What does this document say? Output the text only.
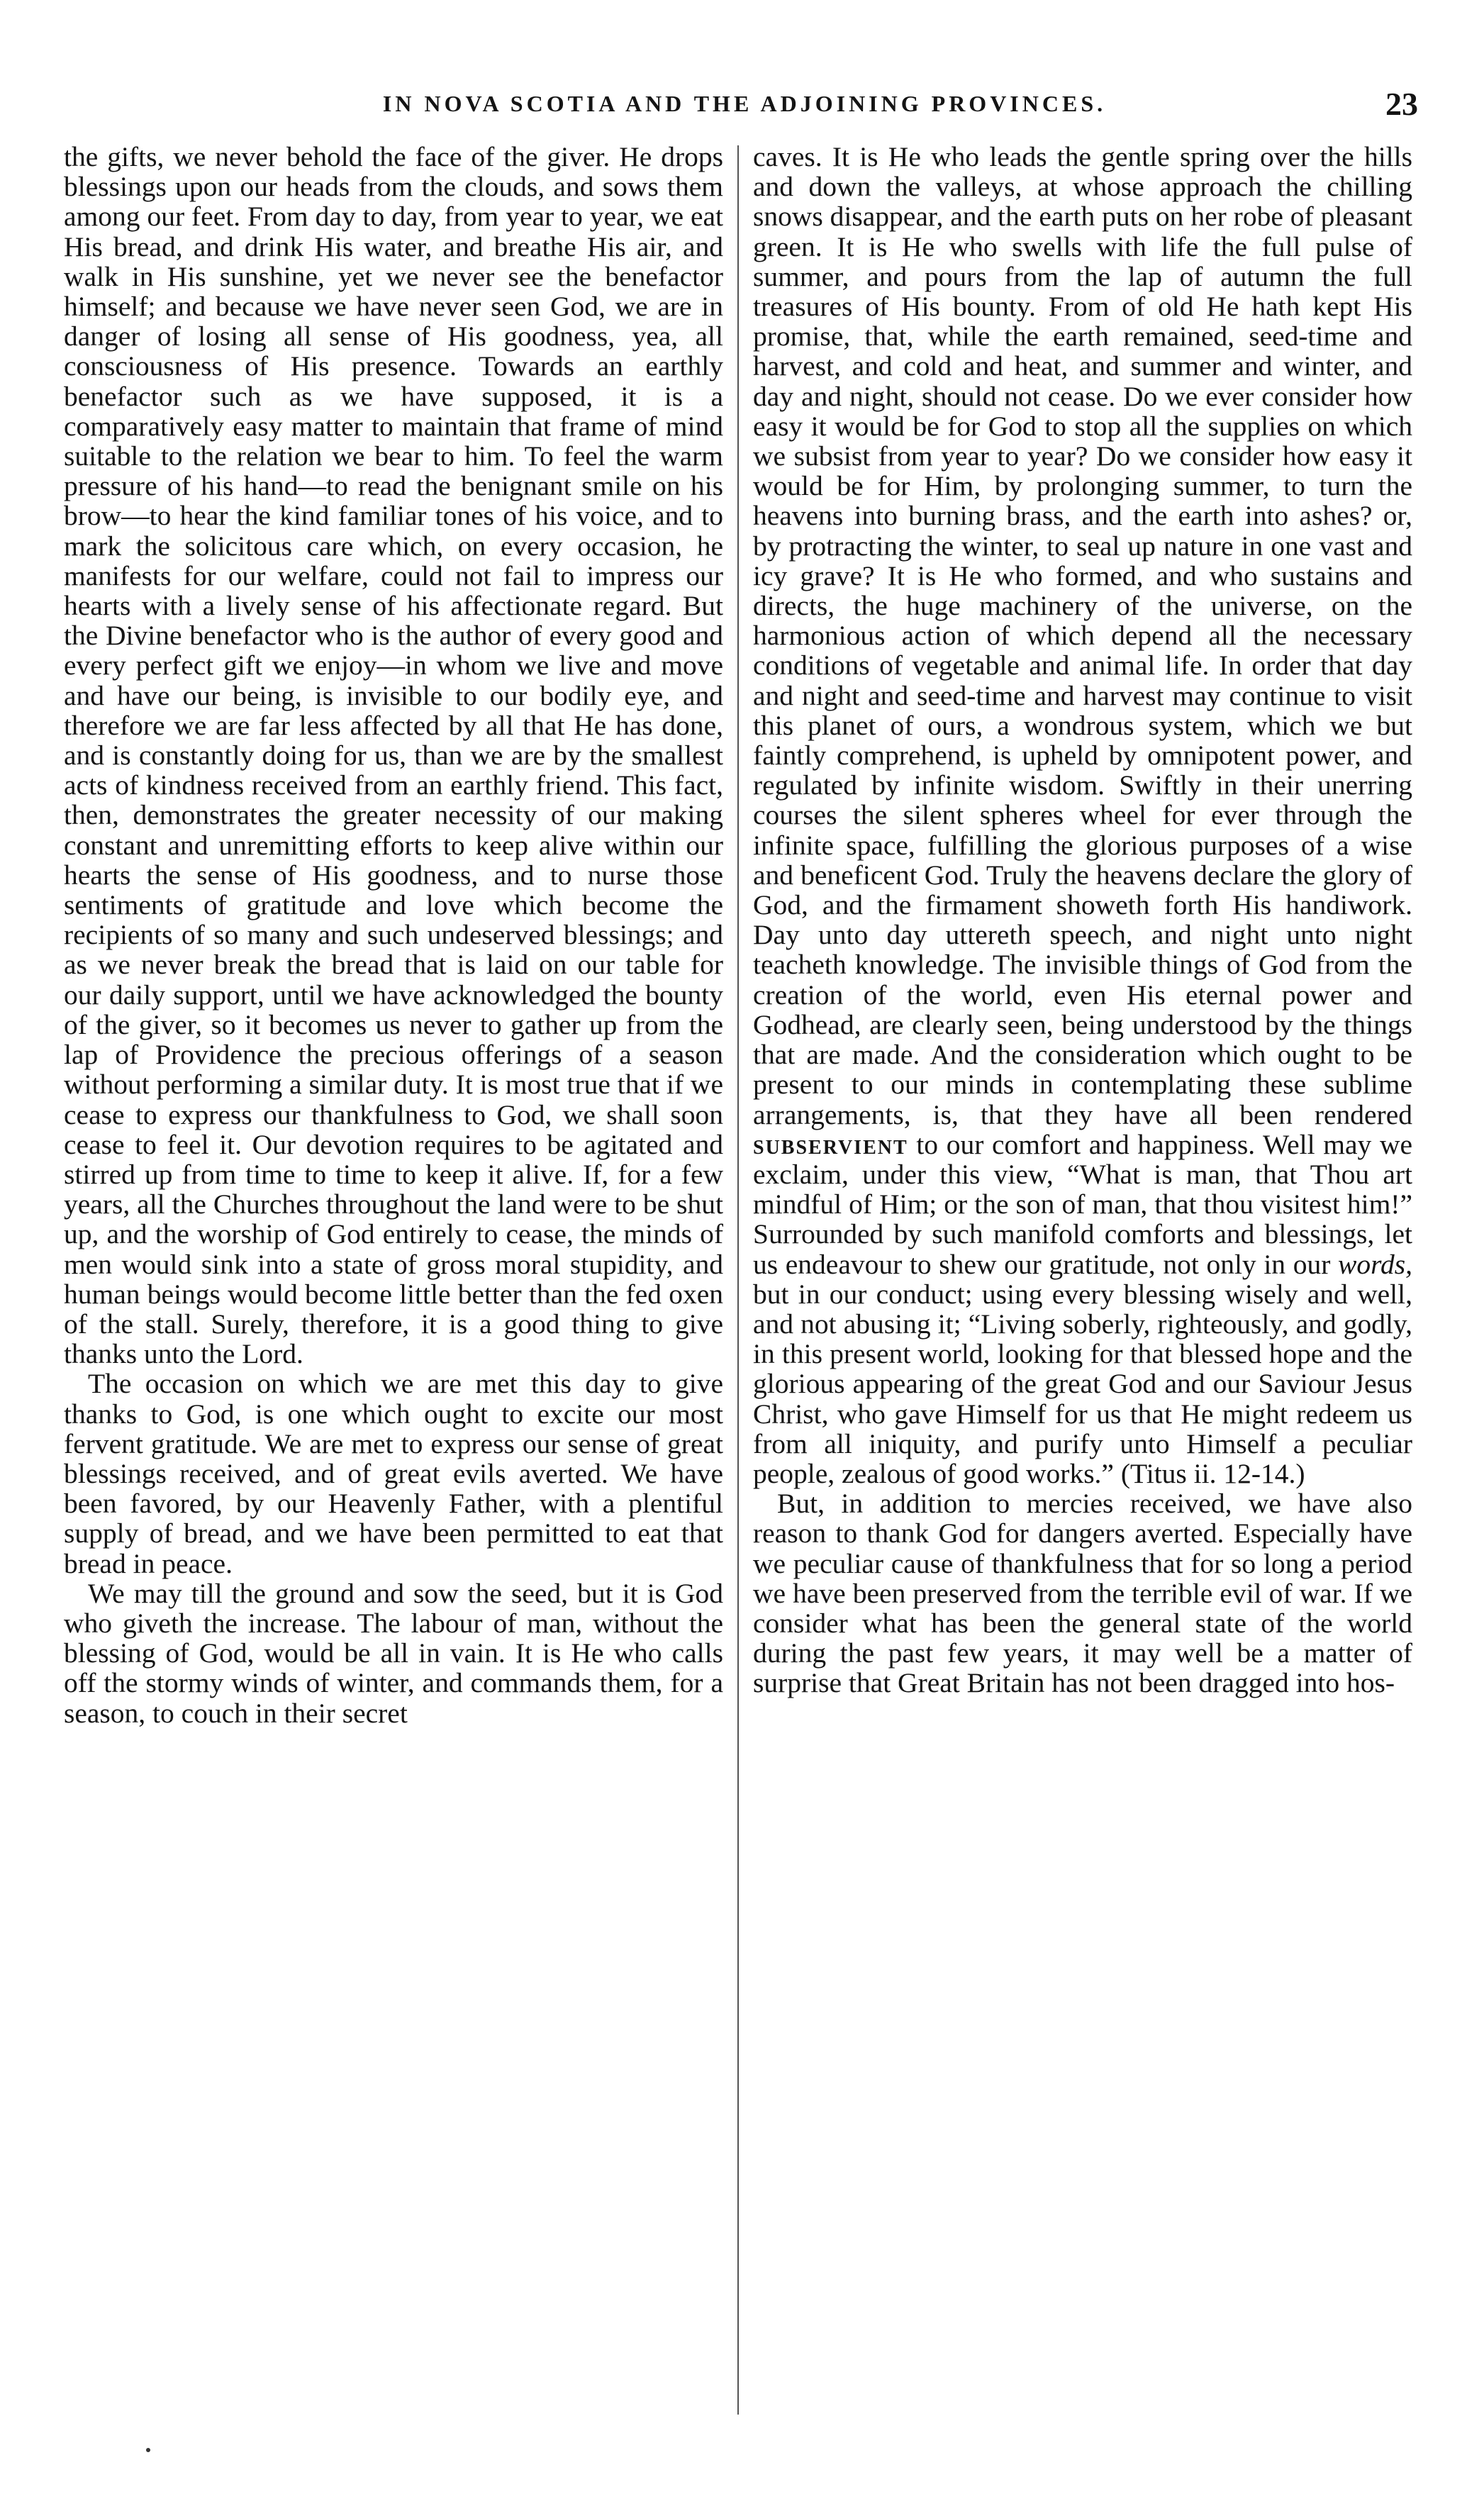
IN NOVA SCOTIA AND THE ADJOINING PROVINCES.	23

the gifts, we never behold the face of the giver. He drops blessings upon our heads from the clouds, and sows them among our feet. From day to day, from year to year, we eat His bread, and drink His water, and breathe His air, and walk in His sunshine, yet we never see the benefactor himself; and because we have never seen God, we are in danger of losing all sense of His goodness, yea, all consciousness of His presence. Towards an earthly benefactor such as we have supposed, it is a comparatively easy matter to maintain that frame of mind suitable to the relation we bear to him. To feel the warm pressure of his hand—to read the benignant smile on his brow—to hear the kind familiar tones of his voice, and to mark the solicitous care which, on every occasion, he manifests for our welfare, could not fail to impress our hearts with a lively sense of his affectionate regard. But the Divine benefactor who is the author of every good and every perfect gift we enjoy—in whom we live and move and have our being, is invisible to our bodily eye, and therefore we are far less affected by all that He has done, and is constantly doing for us, than we are by the smallest acts of kindness received from an earthly friend. This fact, then, demonstrates the greater necessity of our making constant and unremitting efforts to keep alive within our hearts the sense of His goodness, and to nurse those sentiments of gratitude and love which become the recipients of so many and such undeserved blessings; and as we never break the bread that is laid on our table for our daily support, until we have acknowledged the bounty of the giver, so it becomes us never to gather up from the lap of Providence the precious offerings of a season without performing a similar duty. It is most true that if we cease to express our thankfulness to God, we shall soon cease to feel it. Our devotion requires to be agitated and stirred up from time to time to keep it alive. If, for a few years, all the Churches throughout the land were to be shut up, and the worship of God entirely to cease, the minds of men would sink into a state of gross moral stupidity, and human beings would become little better than the fed oxen of the stall. Surely, therefore, it is a good thing to give thanks unto the Lord.

The occasion on which we are met this day to give thanks to God, is one which ought to excite our most fervent gratitude. We are met to express our sense of great blessings received, and of great evils averted. We have been favored, by our Heavenly Father, with a plentiful supply of bread, and we have been permitted to eat that bread in peace.

We may till the ground and sow the seed, but it is God who giveth the increase. The labour of man, without the blessing of God, would be all in vain. It is He who calls off the stormy winds of winter, and commands them, for a season, to couch in their secret

caves. It is He who leads the gentle spring over the hills and down the valleys, at whose approach the chilling snows disappear, and the earth puts on her robe of pleasant green. It is He who swells with life the full pulse of summer, and pours from the lap of autumn the full treasures of His bounty. From of old He hath kept His promise, that, while the earth remained, seed-time and harvest, and cold and heat, and summer and winter, and day and night, should not cease. Do we ever consider how easy it would be for God to stop all the supplies on which we subsist from year to year? Do we consider how easy it would be for Him, by prolonging summer, to turn the heavens into burning brass, and the earth into ashes? or, by protracting the winter, to seal up nature in one vast and icy grave? It is He who formed, and who sustains and directs, the huge machinery of the universe, on the harmonious action of which depend all the necessary conditions of vegetable and animal life. In order that day and night and seed-time and harvest may continue to visit this planet of ours, a wondrous system, which we but faintly comprehend, is upheld by omnipotent power, and regulated by infinite wisdom. Swiftly in their unerring courses the silent spheres wheel for ever through the infinite space, fulfilling the glorious purposes of a wise and beneficent God. Truly the heavens declare the glory of God, and the firmament showeth forth His handiwork. Day unto day uttereth speech, and night unto night teacheth knowledge. The invisible things of God from the creation of the world, even His eternal power and Godhead, are clearly seen, being understood by the things that are made. And the consideration which ought to be present to our minds in contemplating these sublime arrangements, is, that they have all been rendered subservient to our comfort and happiness. Well may we exclaim, under this view, “What is man, that Thou art mindful of Him; or the son of man, that thou visitest him!” Surrounded by such manifold comforts and blessings, let us endeavour to shew our gratitude, not only in our words, but in our conduct; using every blessing wisely and well, and not abusing it; “Living soberly, righteously, and godly, in this present world, looking for that blessed hope and the glorious appearing of the great God and our Saviour Jesus Christ, who gave Himself for us that He might redeem us from all iniquity, and purify unto Himself a peculiar people, zealous of good works.” (Titus ii. 12-14.)

But, in addition to mercies received, we have also reason to thank God for dangers averted. Especially have we peculiar cause of thankfulness that for so long a period we have been preserved from the terrible evil of war. If we consider what has been the general state of the world during the past few years, it may well be a matter of surprise that Great Britain has not been dragged into hos-
